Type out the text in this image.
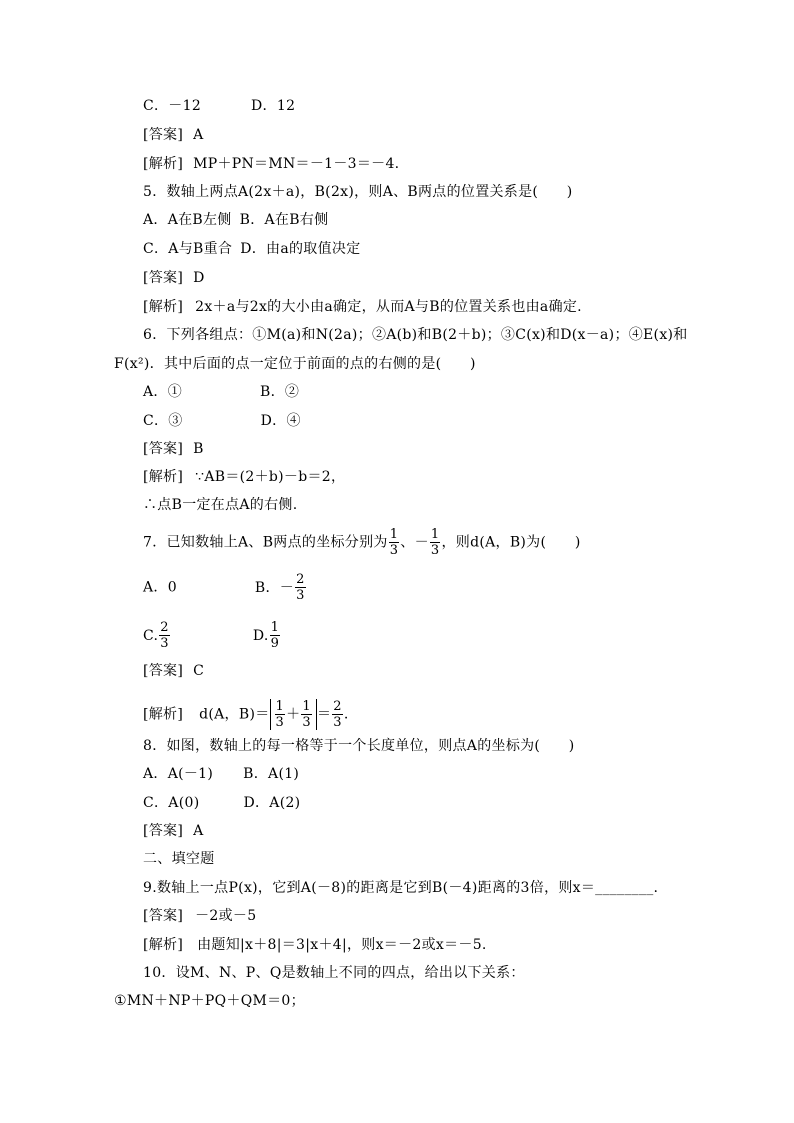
C．－12	D．12
[答案] A
[解析] MP＋PN＝MN＝－1－3＝－4.
5．数轴上两点A(2x＋a)，B(2x)，则A、B两点的位置关系是(　　)
A．A在B左侧 B．A在B右侧
C．A与B重合 D．由a的取值决定
[答案] D
[解析] 2x＋a与2x的大小由a确定，从而A与B的位置关系也由a确定.
6．下列各组点：①M(a)和N(2a)；②A(b)和B(2＋b)；③C(x)和D(x－a)；④E(x)和
F(x²)．其中后面的点一定位于前面的点的右侧的是(　　)
A．①	B．②
C．③	D．④
[答案] B
[解析] ∵AB＝(2＋b)－b＝2，
∴点B一定在点A的右侧.
7．已知数轴上A、B两点的坐标分别为 $\frac{1}{3}$ 、－ $\frac{1}{3}$ ，则d(A，B)为(　　)
A．0	B．－ $\frac{2}{3}$
C. $\frac{2}{3}$	D. $\frac{1}{9}$
[答案] C
[解析] d(A，$B)= \frac{1}{3} + \frac{1}{3} = \frac{2}{3}$ .
8．如图，数轴上的每一格等于一个长度单位，则点A的坐标为(　　)
A．A(－1) B．A(1)
C．A(0)	D．A(2)
[答案] A
二、填空题
9.数轴上一点P(x)，它到A(－8)的距离是它到B(－4)距离的3倍，则x＝________.
[答案] －2或－5
[解析] 由题知|x＋8|＝3|x＋4|，则x＝－2或x＝－5.
10．设M、N、P、Q是数轴上不同的四点，给出以下关系：
①MN＋NP＋PQ＋QM＝0；
